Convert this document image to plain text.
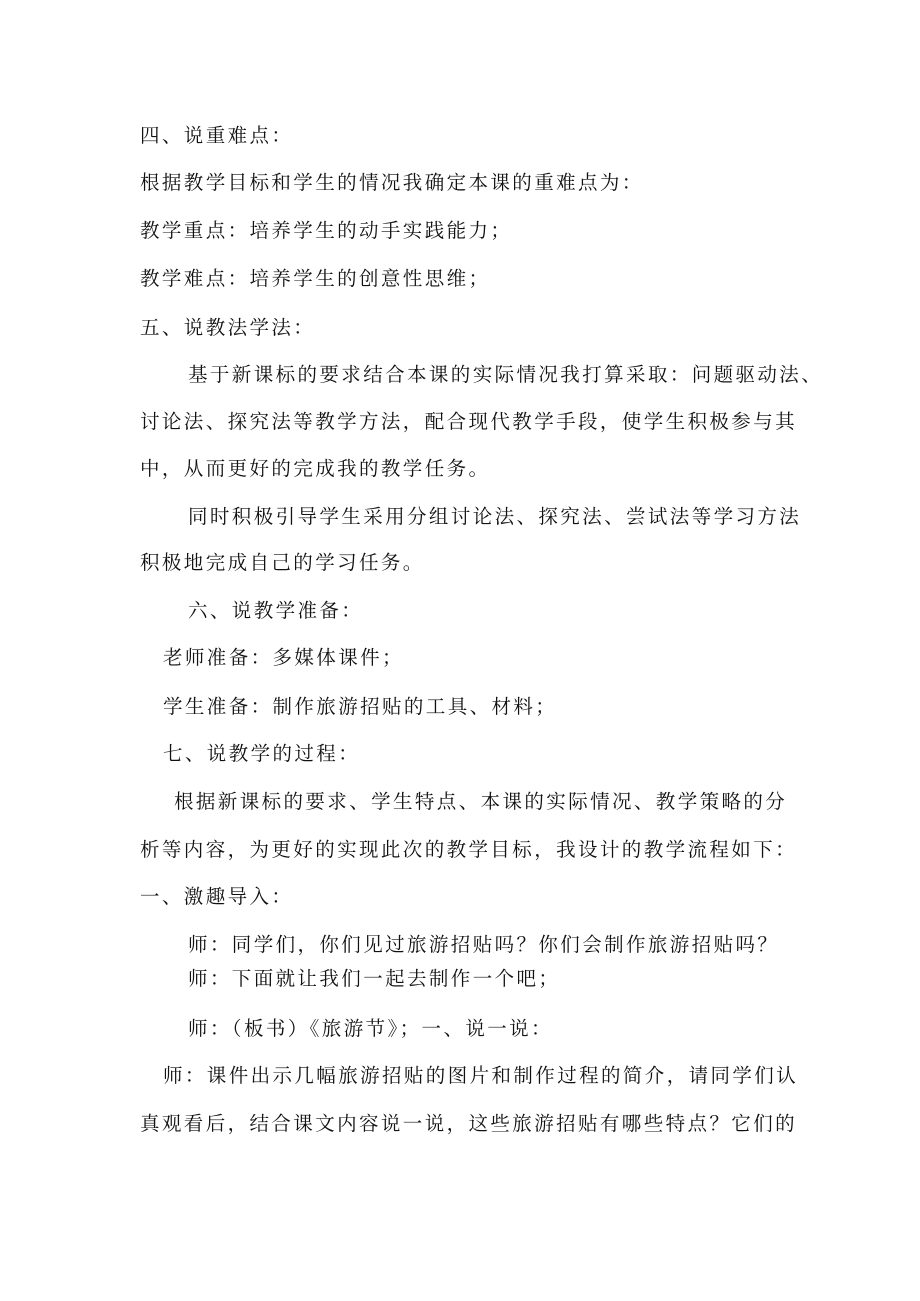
四、说重难点：
根据教学目标和学生的情况我确定本课的重难点为：
教学重点：培养学生的动手实践能力；
教学难点：培养学生的创意性思维；
五、说教法学法：
基于新课标的要求结合本课的实际情况我打算采取：问题驱动法、
讨论法、探究法等教学方法，配合现代教学手段，使学生积极参与其
中，从而更好的完成我的教学任务。
同时积极引导学生采用分组讨论法、探究法、尝试法等学习方法
积极地完成自己的学习任务。
六、说教学准备：
老师准备：多媒体课件；
学生准备：制作旅游招贴的工具、材料；
七、说教学的过程：
根据新课标的要求、学生特点、本课的实际情况、教学策略的分
析等内容，为更好的实现此次的教学目标，我设计的教学流程如下：
一、激趣导入：
师：同学们，你们见过旅游招贴吗？你们会制作旅游招贴吗？
师：下面就让我们一起去制作一个吧；
师：（板书）《旅游节》；一、说一说：
师：课件出示几幅旅游招贴的图片和制作过程的简介，请同学们认
真观看后，结合课文内容说一说，这些旅游招贴有哪些特点？它们的
